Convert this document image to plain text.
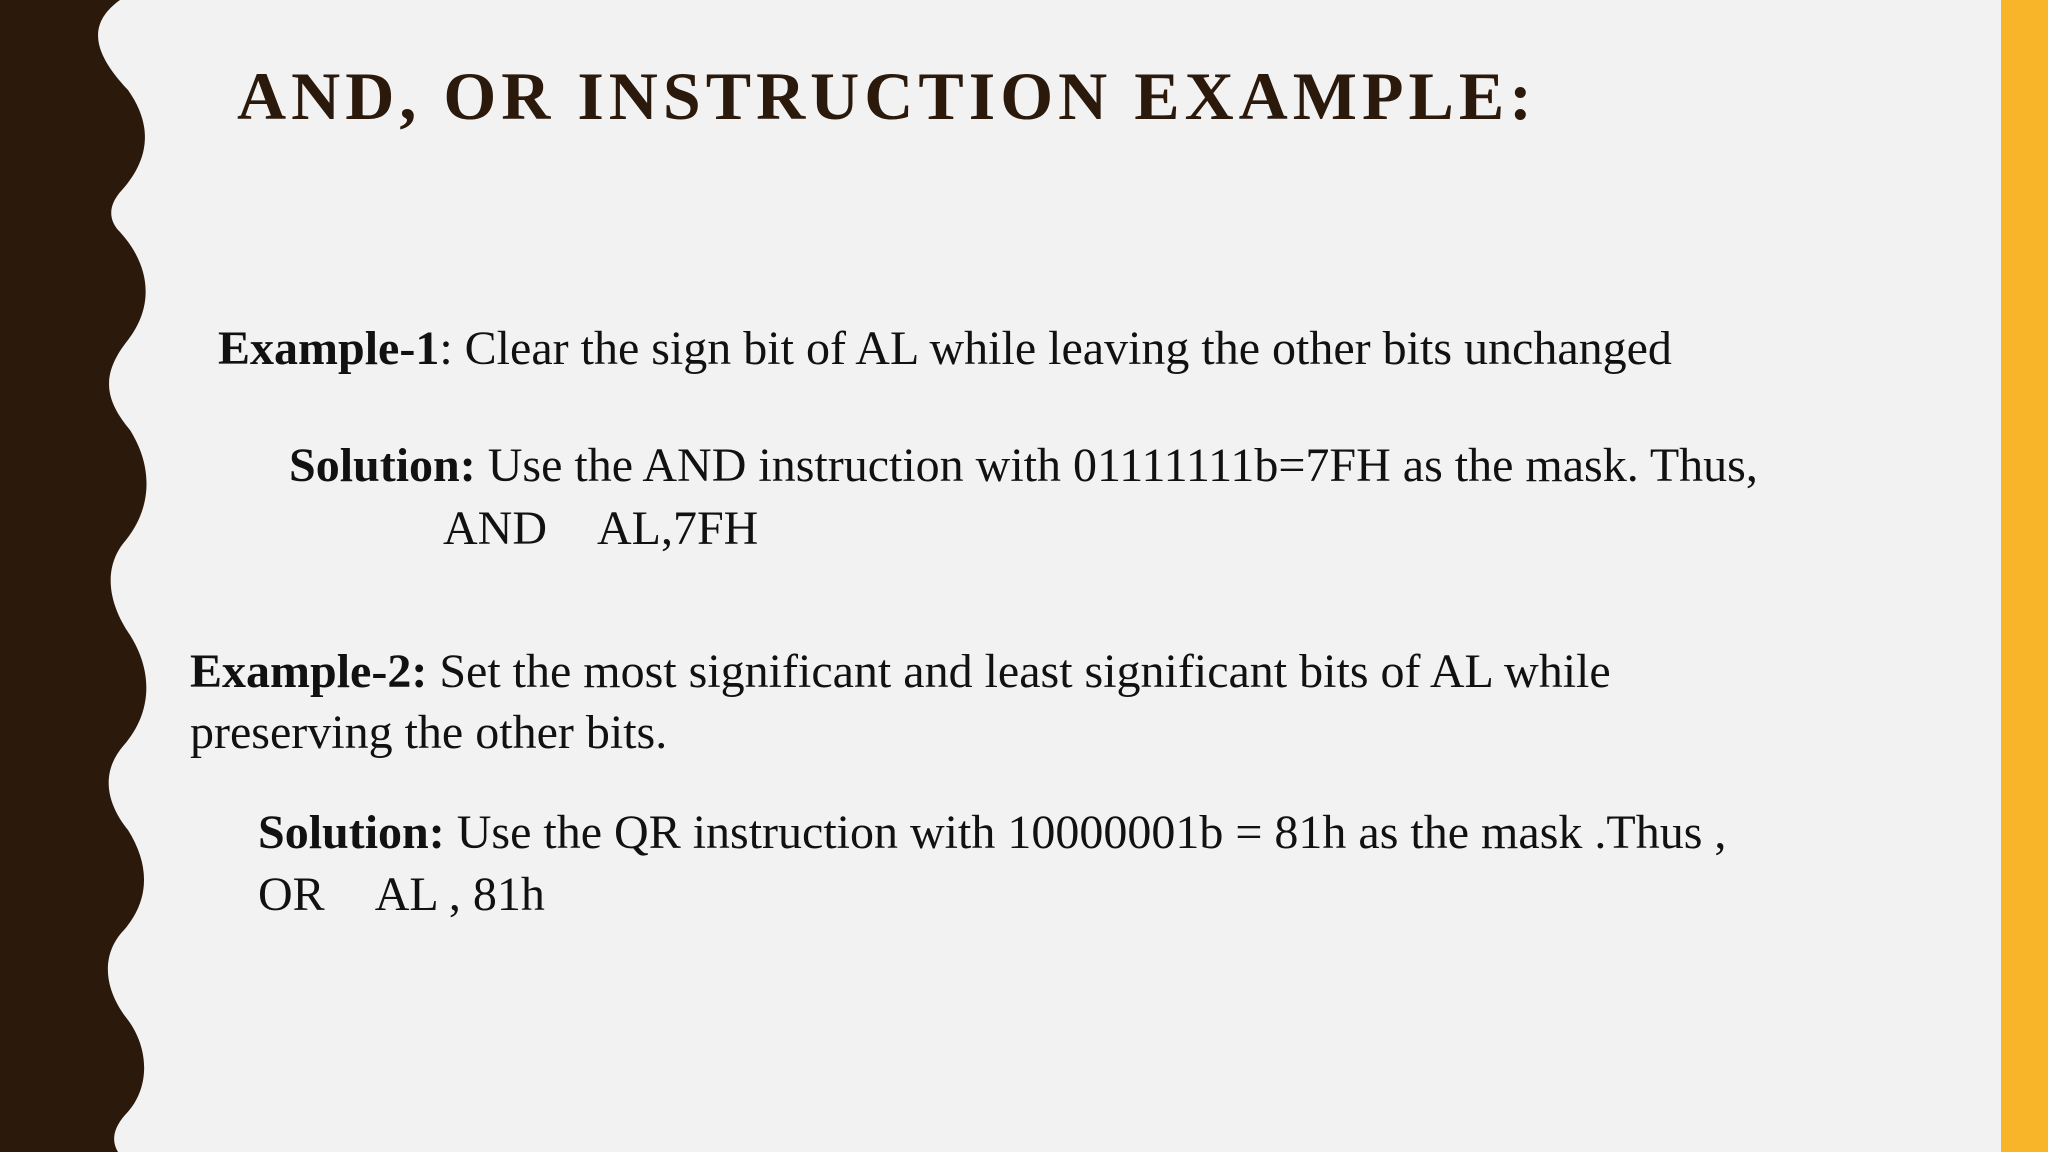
AND, OR INSTRUCTION EXAMPLE:
Example-1: Clear the sign bit of AL while leaving the other bits unchanged
Solution: Use the AND instruction with 01111111b=7FH as the mask. Thus,
AND AL,7FH
Example-2: Set the most significant and least significant bits of AL while
preserving the other bits.
Solution: Use the QR instruction with 10000001b = 81h as the mask .Thus ,
OR AL , 81h
